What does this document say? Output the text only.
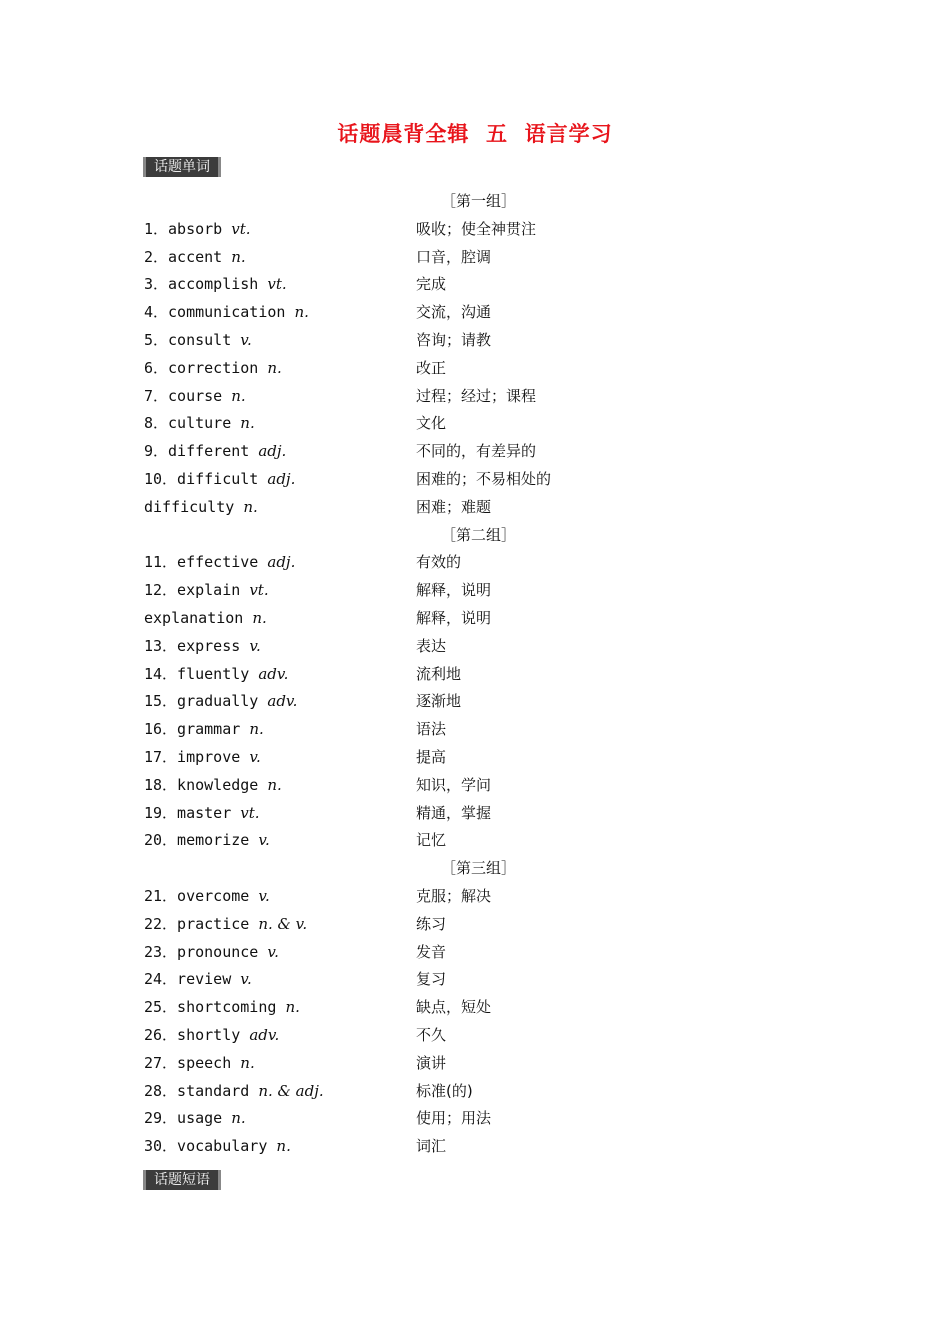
话题晨背全辑  五  语言学习
话题单词
［第一组］
1．absorb vt.	吸收；使全神贯注
2．accent n.	口音，腔调
3．accomplish vt.	完成
4．communication n.	交流，沟通
5．consult v.	咨询；请教
6．correction n.	改正
7．course n.	过程；经过；课程
8．culture n.	文化
9．different adj.	不同的，有差异的
10．difficult adj.	困难的；不易相处的
difficulty n.	困难；难题
［第二组］
11．effective adj.	有效的
12．explain vt.	解释，说明
explanation n.	解释，说明
13．express v.	表达
14．fluently adv.	流利地
15．gradually adv.	逐渐地
16．grammar n.	语法
17．improve v.	提高
18．knowledge n.	知识，学问
19．master vt.	精通，掌握
20．memorize v.	记忆
［第三组］
21．overcome v.	克服；解决
22．practice n. & v.	练习
23．pronounce v.	发音
24．review v.	复习
25．shortcoming n.	缺点，短处
26．shortly adv.	不久
27．speech n.	演讲
28．standard n. & adj.	标准(的)
29．usage n.	使用；用法
30．vocabulary n.	词汇
话题短语
